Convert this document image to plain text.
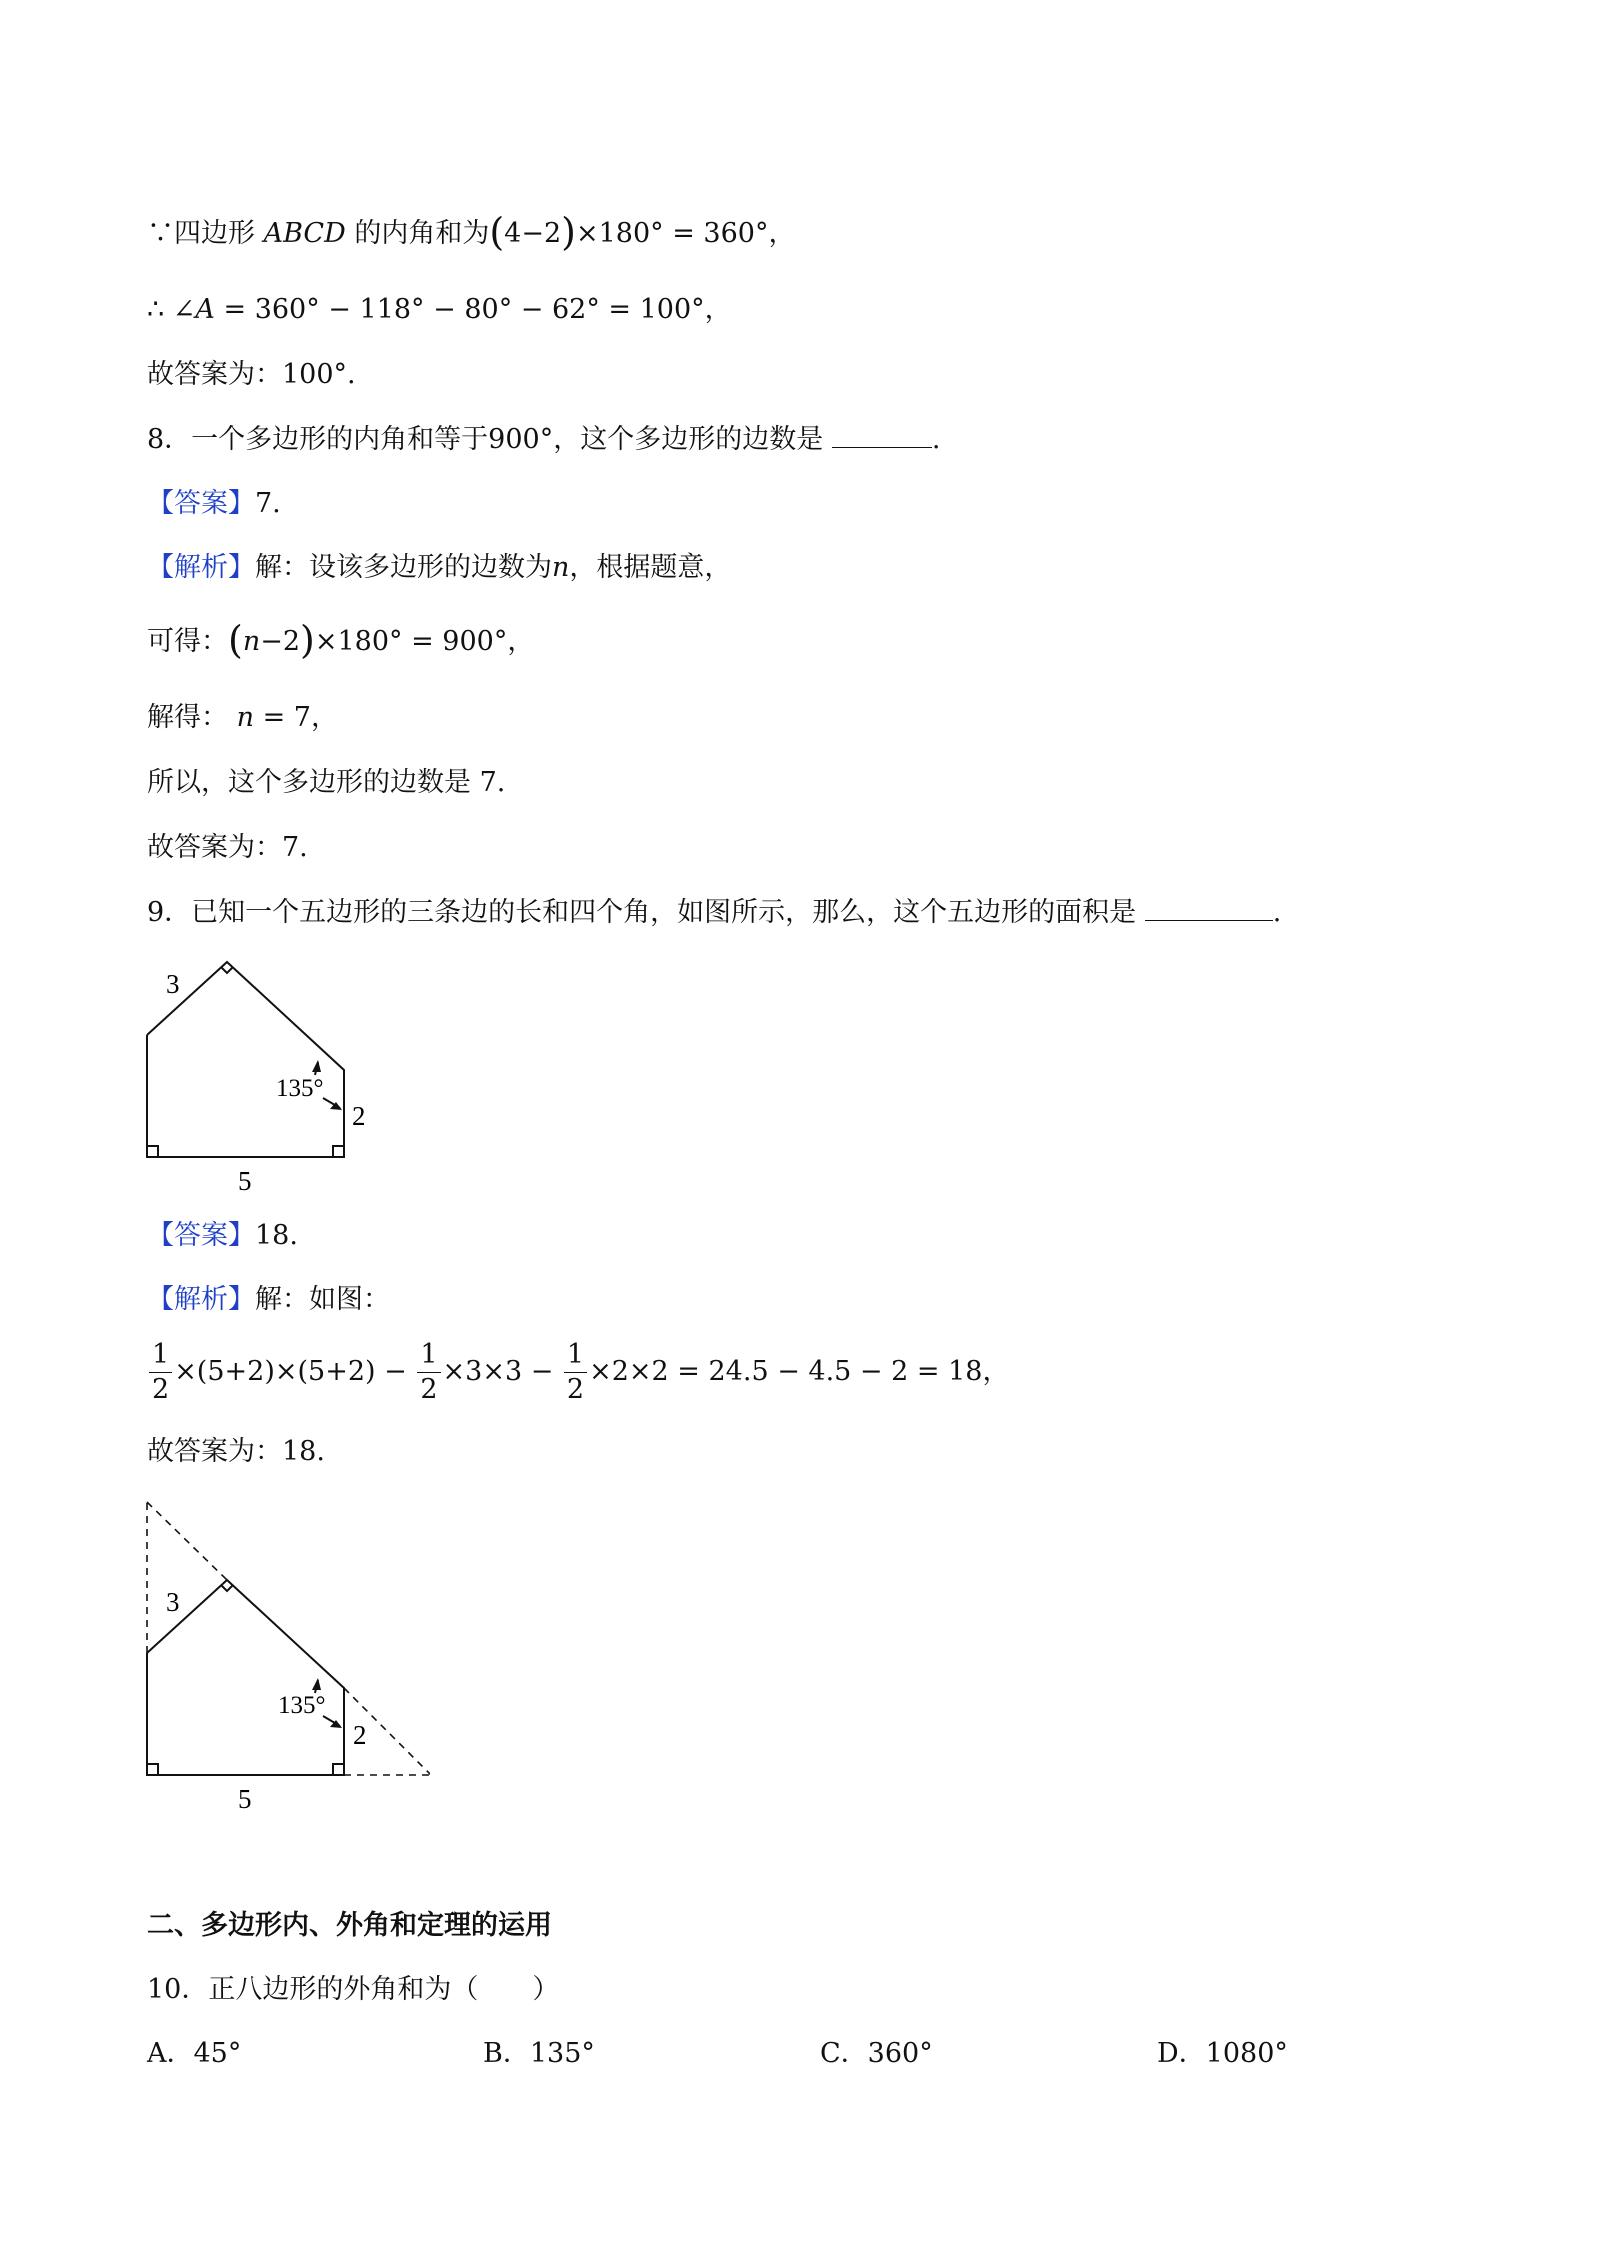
∵四边形 ABCD 的内角和为(4−2)×180° = 360°，
∴ ∠A = 360° − 118° − 80° − 62° = 100°，
故答案为：100°.
8．一个多边形的内角和等于900°，这个多边形的边数是	.
【答案】7.
【解析】解：设该多边形的边数为n，根据题意，
可得：(n−2)×180° = 900°，
解得： n = 7，
所以，这个多边形的边数是 7.
故答案为：7.
9．已知一个五边形的三条边的长和四个角，如图所示，那么，这个五边形的面积是	.
3
135°
2
5
【答案】18.
【解析】解：如图：
$\frac{1}{2} \times(5+2)\times(5+2) - \frac{1}{2} \times 3\times 3 - \frac{1}{2} \times 2\times 2 = 24.5 - 4.5 - 2 = 18$，
故答案为：18.
3
135°
2
5
二、多边形内、外角和定理的运用
10．正八边形的外角和为（　　）
A．45°	B．135°	C．360°	D．1080°
